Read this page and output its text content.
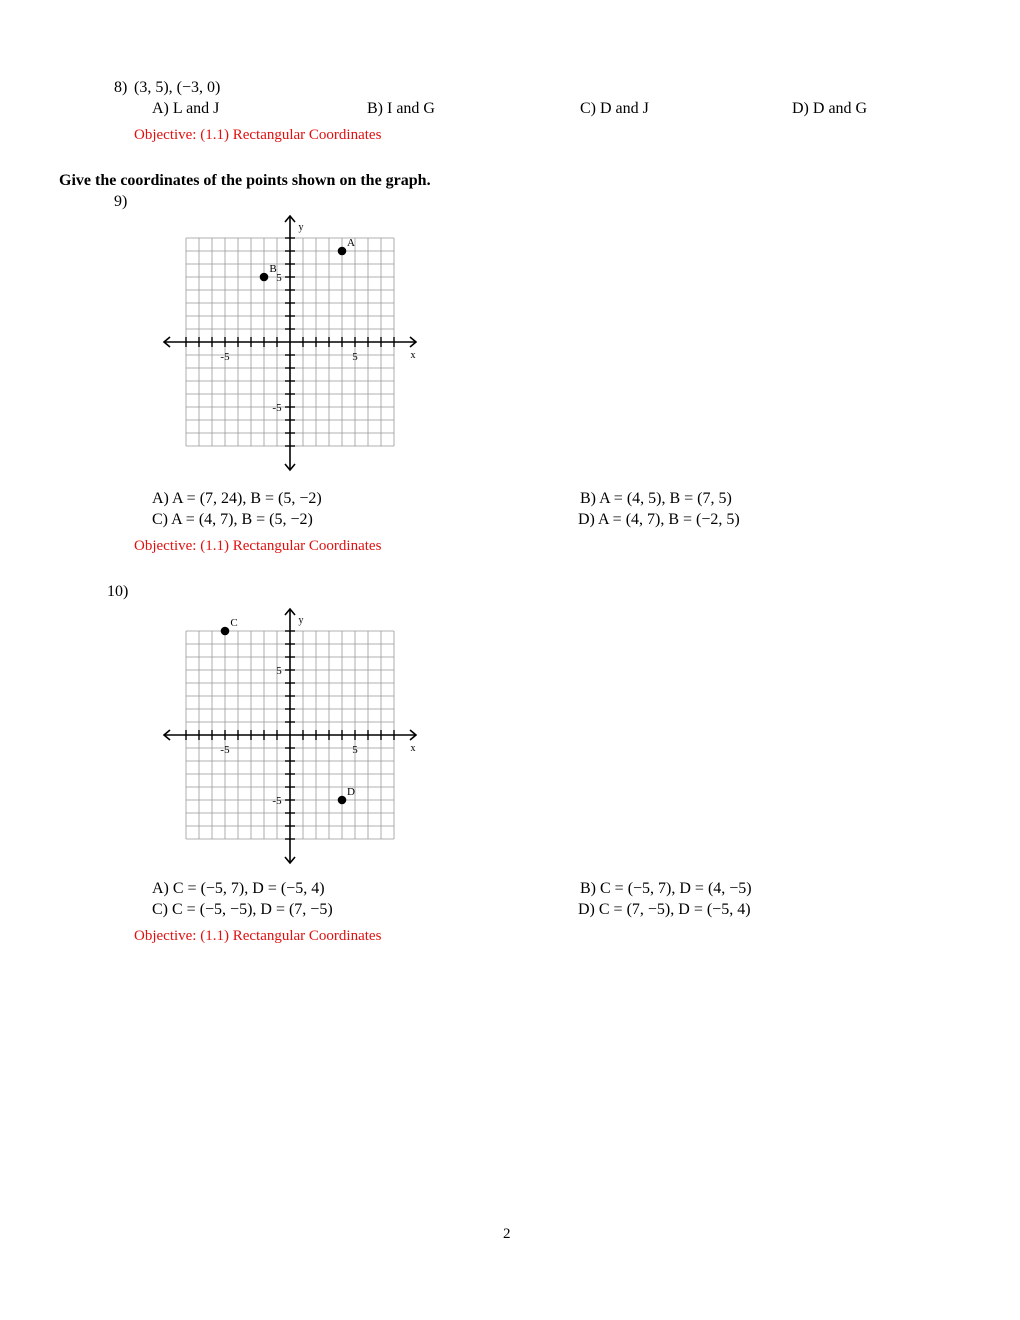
8) (3, 5), (−3, 0)
A) L and J	B) I and G	C) D and J	D) D and G
Objective: (1.1) Rectangular Coordinates
Give the coordinates of the points shown on the graph.
9)
-5	5
5
-5
y
x
A
B
A) A = (7, 24), B = (5, −2)	B) A = (4, 5), B = (7, 5)
C) A = (4, 7), B = (5, −2)	D) A = (4, 7), B = (−2, 5)
Objective: (1.1) Rectangular Coordinates
10)
-5	5
5
-5
y
x
C
D
A) C = (−5, 7), D = (−5, 4)	B) C = (−5, 7), D = (4, −5)
C) C = (−5, −5), D = (7, −5)	D) C = (7, −5), D = (−5, 4)
Objective: (1.1) Rectangular Coordinates
2
